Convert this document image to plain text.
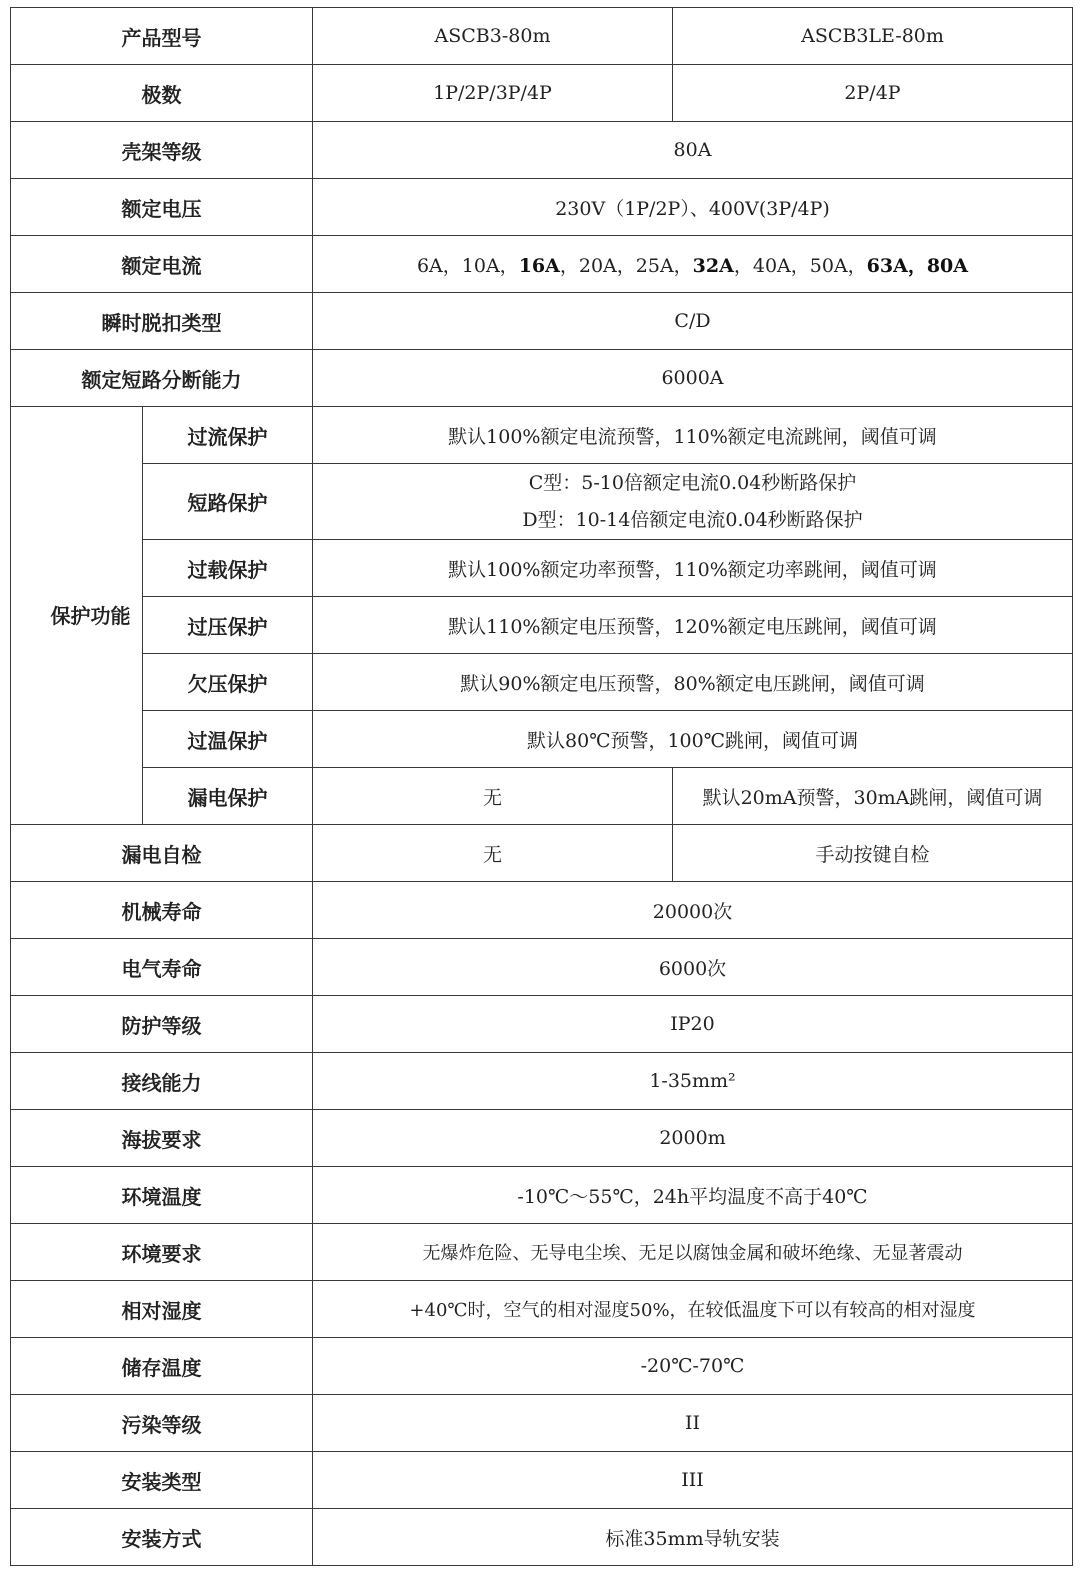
产品型号		ASCB3-80m	ASCB3LE-80m
极数		1P/2P/3P/4P	2P/4P
壳架等级		80A	
额定电压		230V（1P/2P）、400V(3P/4P)	
额定电流		6A，10A，16A，20A，25A，32A，40A，50A，63A，80A	
瞬时脱扣类型		C/D	
额定短路分断能力		6000A	
保护功能	过流保护	默认100%额定电流预警，110%额定电流跳闸，阈值可调	
	短路保护	C型：5-10倍额定电流0.04秒断路保护
D型：10-14倍额定电流0.04秒断路保护	

	过载保护	默认100%额定功率预警，110%额定功率跳闸，阈值可调	
	过压保护	默认110%额定电压预警，120%额定电压跳闸，阈值可调	
	欠压保护	默认90%额定电压预警，80%额定电压跳闸，阈值可调	
	过温保护	默认80℃预警，100℃跳闸，阈值可调	
	漏电保护	无	默认20mA预警，30mA跳闸，阈值可调
漏电自检		无	手动按键自检
机械寿命		20000次	
电气寿命		6000次	
防护等级		IP20	
接线能力		1-35mm²	
海拔要求		2000m	
环境温度		-10℃～55℃，24h平均温度不高于40℃	
环境要求		无爆炸危险、无导电尘埃、无足以腐蚀金属和破坏绝缘、无显著震动	
相对湿度		+40℃时，空气的相对湿度50%，在较低温度下可以有较高的相对湿度	
储存温度		-20℃-70℃	
污染等级		II	
安装类型		III	
安装方式		标准35mm导轨安装	
